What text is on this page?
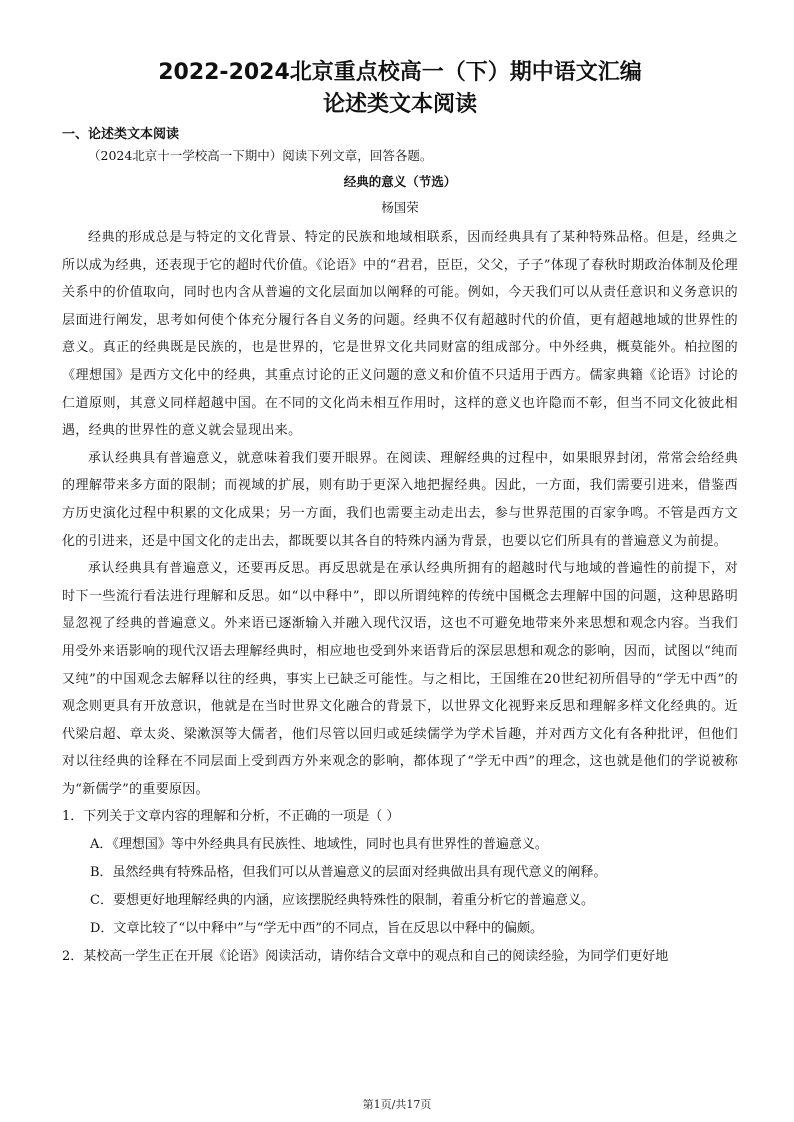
2022-2024北京重点校高一（下）期中语文汇编
论述类文本阅读
一、论述类文本阅读

（2024北京十一学校高一下期中）阅读下列文章，回答各题。

经典的意义（节选）

杨国荣

经典的形成总是与特定的文化背景、特定的民族和地域相联系，因而经典具有了某种特殊品格。但是，经典之所以成为经典，还表现于它的超时代价值。《论语》中的“君君，臣臣，父父，子子”体现了春秋时期政治体制及伦理关系中的价值取向，同时也内含从普遍的文化层面加以阐释的可能。例如，今天我们可以从责任意识和义务意识的层面进行阐发，思考如何使个体充分履行各自义务的问题。经典不仅有超越时代的价值，更有超越地域的世界性的意义。真正的经典既是民族的，也是世界的，它是世界文化共同财富的组成部分。中外经典，概莫能外。柏拉图的《理想国》是西方文化中的经典，其重点讨论的正义问题的意义和价值不只适用于西方。儒家典籍《论语》讨论的仁道原则，其意义同样超越中国。在不同的文化尚未相互作用时，这样的意义也许隐而不彰，但当不同文化彼此相遇，经典的世界性的意义就会显现出来。

承认经典具有普遍意义，就意味着我们要开眼界。在阅读、理解经典的过程中，如果眼界封闭，常常会给经典的理解带来多方面的限制；而视域的扩展，则有助于更深入地把握经典。因此，一方面，我们需要引进来，借鉴西方历史演化过程中积累的文化成果；另一方面，我们也需要主动走出去，参与世界范围的百家争鸣。不管是西方文化的引进来，还是中国文化的走出去，都既要以其各自的特殊内涵为背景，也要以它们所具有的普遍意义为前提。

承认经典具有普遍意义，还要再反思。再反思就是在承认经典所拥有的超越时代与地域的普遍性的前提下，对时下一些流行看法进行理解和反思。如“以中释中”，即以所谓纯粹的传统中国概念去理解中国的问题，这种思路明显忽视了经典的普遍意义。外来语已逐渐输入并融入现代汉语，这也不可避免地带来外来思想和观念内容。当我们用受外来语影响的现代汉语去理解经典时，相应地也受到外来语背后的深层思想和观念的影响，因而，试图以“纯而又纯”的中国观念去解释以往的经典，事实上已缺乏可能性。与之相比，王国维在20世纪初所倡导的“学无中西”的观念则更具有开放意识，他就是在当时世界文化融合的背景下，以世界文化视野来反思和理解多样文化经典的。近代梁启超、章太炎、梁漱溟等大儒者，他们尽管以回归或延续儒学为学术旨趣，并对西方文化有各种批评，但他们对以往经典的诠释在不同层面上受到西方外来观念的影响，都体现了“学无中西”的理念，这也就是他们的学说被称为“新儒学”的重要原因。

1．下列关于文章内容的理解和分析，不正确的一项是（ ）

A．《理想国》等中外经典具有民族性、地域性，同时也具有世界性的普遍意义。

B．虽然经典有特殊品格，但我们可以从普遍意义的层面对经典做出具有现代意义的阐释。

C．要想更好地理解经典的内涵，应该摆脱经典特殊性的限制，着重分析它的普遍意义。

D．文章比较了“以中释中”与“学无中西”的不同点，旨在反思以中释中的偏颇。

2．某校高一学生正在开展《论语》阅读活动，请你结合文章中的观点和自己的阅读经验，为同学们更好地

第1页/共17页
